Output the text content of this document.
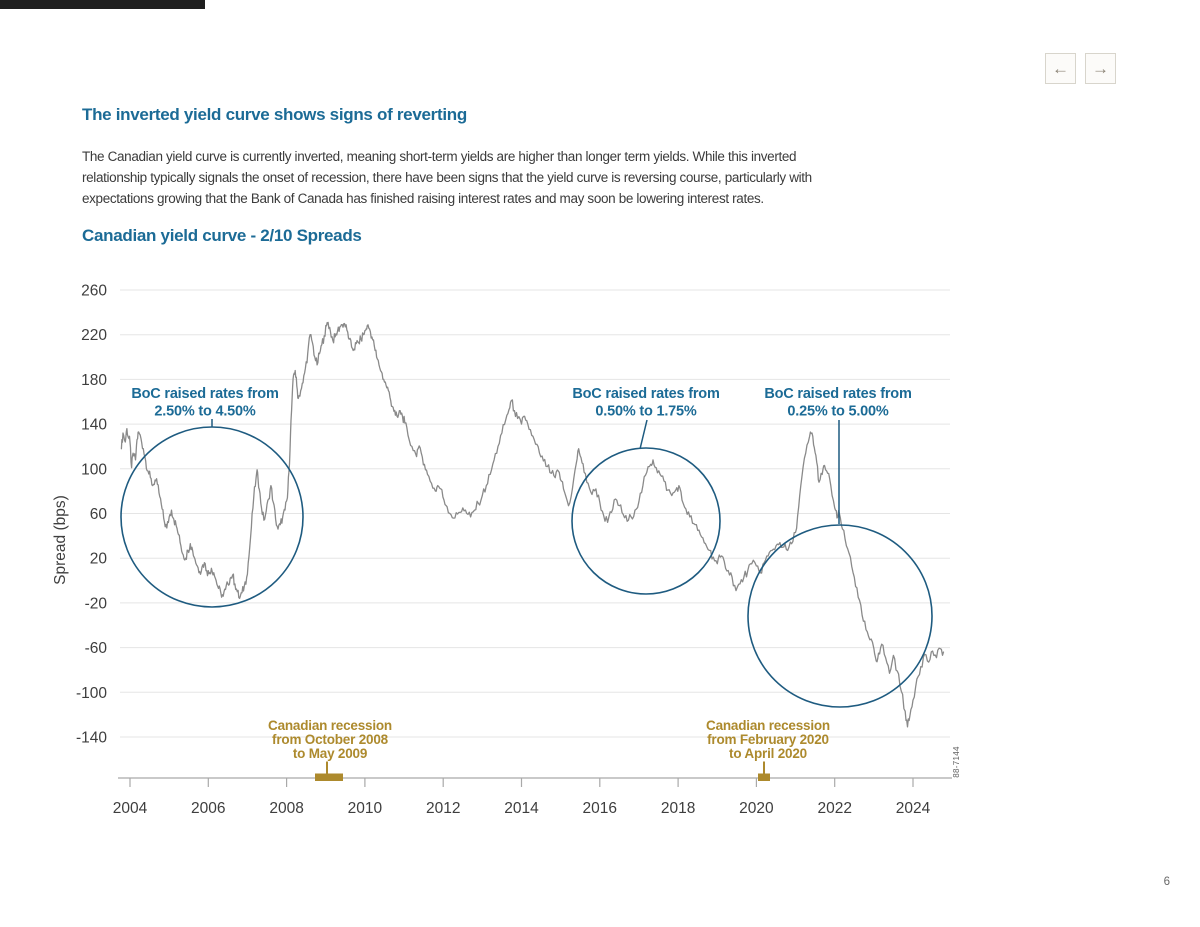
← →
The inverted yield curve shows signs of reverting
The Canadian yield curve is currently inverted, meaning short-term yields are higher than longer term yields. While this inverted
relationship typically signals the onset of recession, there have been signs that the yield curve is reversing course, particularly with
expectations growing that the Bank of Canada has finished raising interest rates and may soon be lowering interest rates.
Canadian yield curve - 2/10 Spreads
260
220
180
140
100
60
20
-20
-60
-100
-140
2004	2006	2008	2010	2012	2014	2016	2018	2020	2022	2024
Canadian recession
from October 2008
to May 2009
Canadian recession
from February 2020
to April 2020
BoC raised rates from
2.50% to 4.50%
BoC raised rates from
0.50% to 1.75%
BoC raised rates from
0.25% to 5.00%
Spread (bps)
88-7144
6
